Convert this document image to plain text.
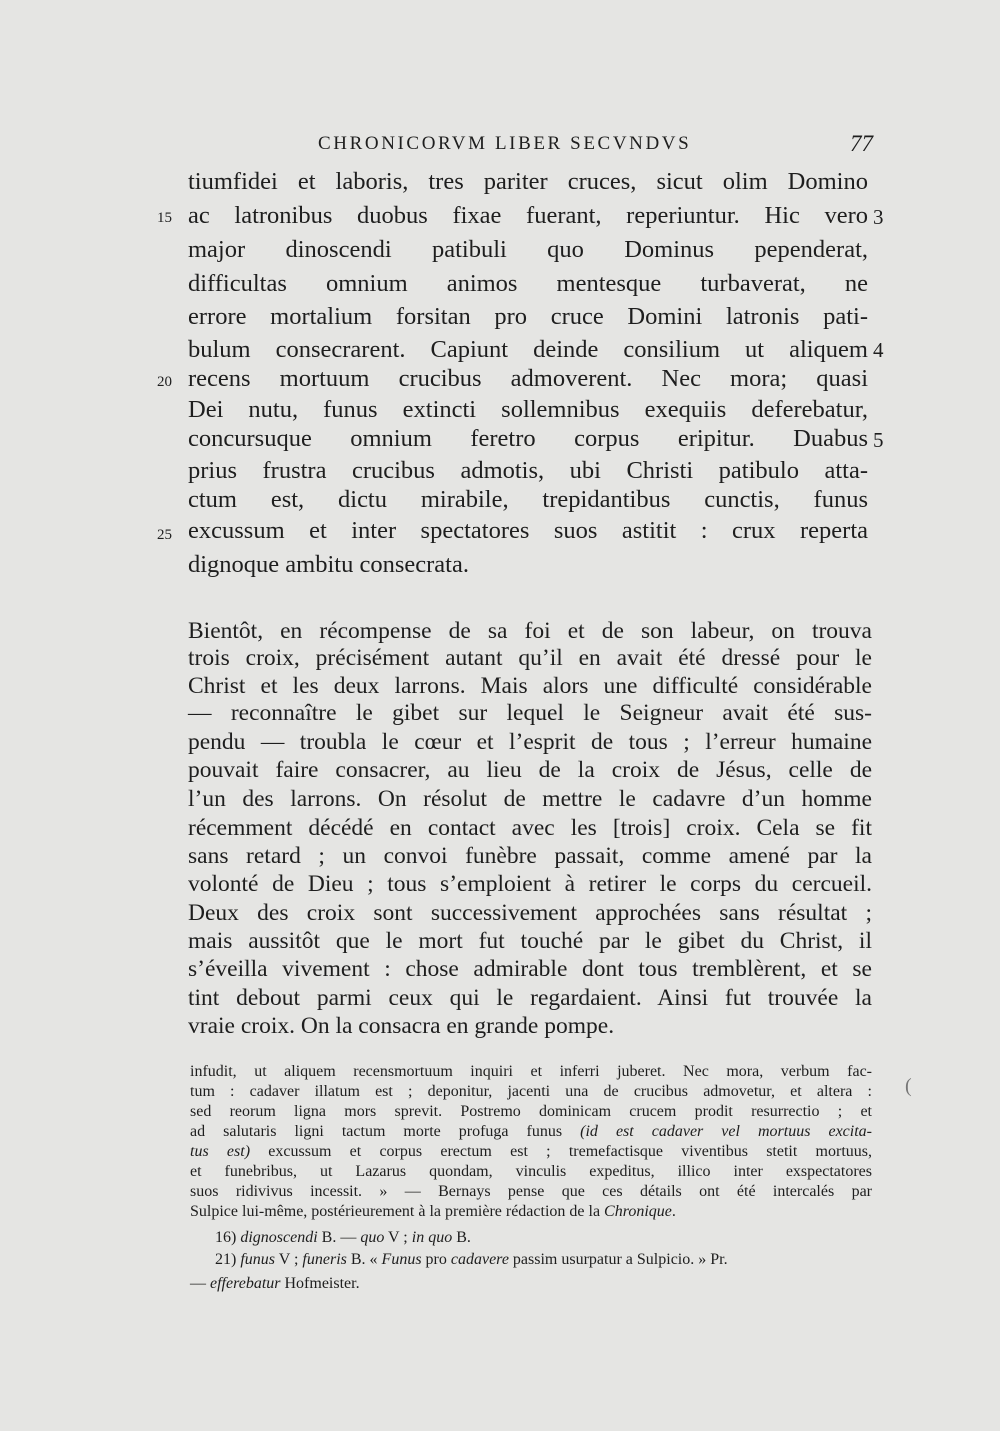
CHRONICORVM LIBER SECVNDVS	77
tiumfidei et laboris, tres pariter cruces, sicut olim Domino
ac latronibus duobus fixae fuerant, reperiuntur. Hic vero
major dinoscendi patibuli quo Dominus pependerat,
difficultas omnium animos mentesque turbaverat, ne
errore mortalium forsitan pro cruce Domini latronis pati-
bulum consecrarent. Capiunt deinde consilium ut aliquem
recens mortuum crucibus admoverent. Nec mora; quasi
Dei nutu, funus extincti sollemnibus exequiis deferebatur,
concursuque omnium feretro corpus eripitur. Duabus
prius frustra crucibus admotis, ubi Christi patibulo atta-
ctum est, dictu mirabile, trepidantibus cunctis, funus
excussum et inter spectatores suos astitit : crux reperta
dignoque ambitu consecrata.
15
20
25
3
4
5
Bientôt, en récompense de sa foi et de son labeur, on trouva
trois croix, précisément autant qu’il en avait été dressé pour le
Christ et les deux larrons. Mais alors une difficulté considérable
— reconnaître le gibet sur lequel le Seigneur avait été sus-
pendu — troubla le cœur et l’esprit de tous ; l’erreur humaine
pouvait faire consacrer, au lieu de la croix de Jésus, celle de
l’un des larrons. On résolut de mettre le cadavre d’un homme
récemment décédé en contact avec les [trois] croix. Cela se fit
sans retard ; un convoi funèbre passait, comme amené par la
volonté de Dieu ; tous s’emploient à retirer le corps du cercueil.
Deux des croix sont successivement approchées sans résultat ;
mais aussitôt que le mort fut touché par le gibet du Christ, il
s’éveilla vivement : chose admirable dont tous tremblèrent, et se
tint debout parmi ceux qui le regardaient. Ainsi fut trouvée la
vraie croix. On la consacra en grande pompe.
infudit, ut aliquem recensmortuum inquiri et inferri juberet. Nec mora, verbum fac-
tum : cadaver illatum est ; deponitur, jacenti una de crucibus admovetur, et altera :
sed reorum ligna mors sprevit. Postremo dominicam crucem prodit resurrectio ; et
ad salutaris ligni tactum morte profuga funus (id est cadaver vel mortuus excita-
tus est) excussum et corpus erectum est ; tremefactisque viventibus stetit mortuus,
et funebribus, ut Lazarus quondam, vinculis expeditus, illico inter exspectatores
suos ridivivus incessit. » — Bernays pense que ces détails ont été intercalés par
Sulpice lui-même, postérieurement à la première rédaction de la Chronique.
16) dignoscendi B. — quo V ; in quo B.
21) funus V ; funeris B. « Funus pro cadavere passim usurpatur a Sulpicio. » Pr.
— efferebatur Hofmeister.
(
